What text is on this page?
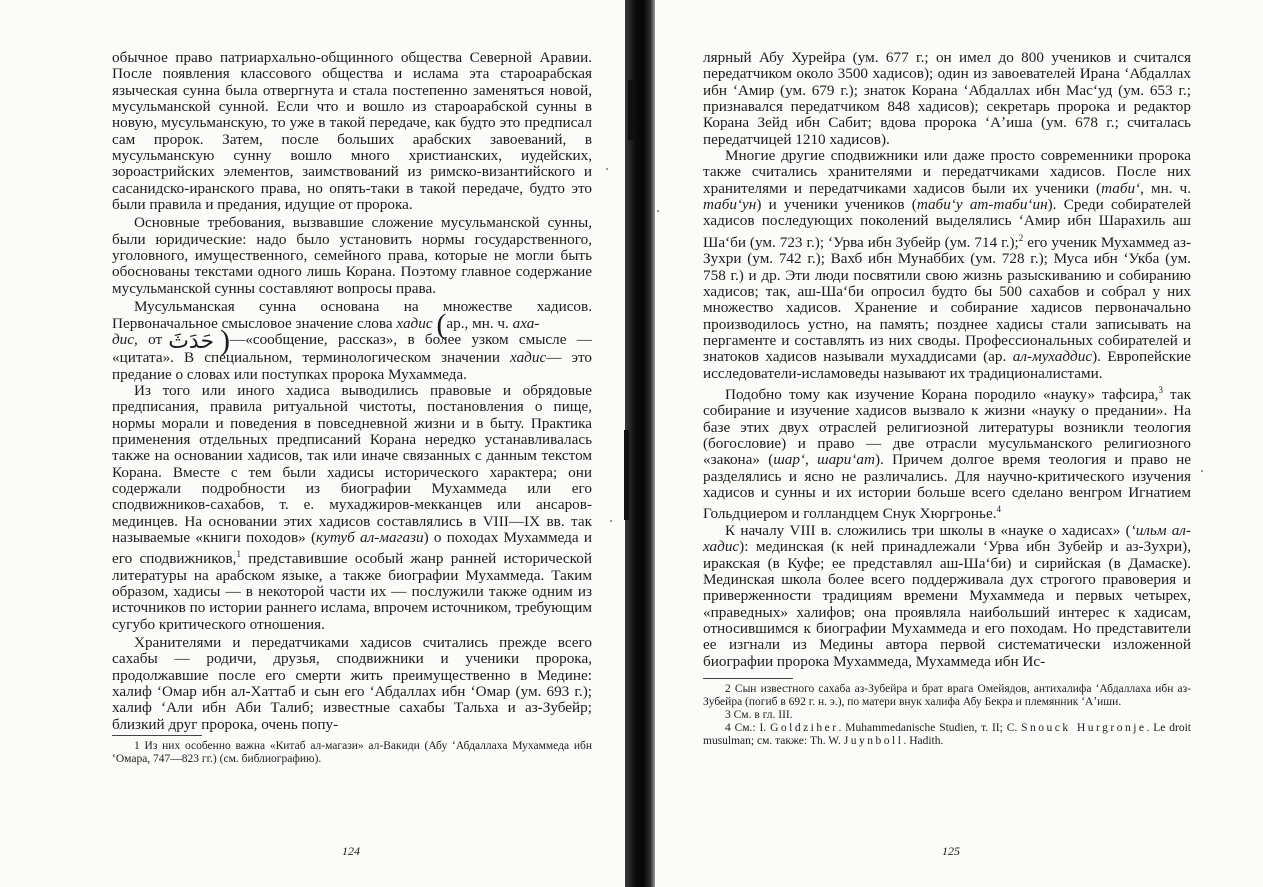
обычное право патриархально-общинного общества Северной Аравии. После появления классового общества и ислама эта староарабская языческая сунна была отвергнута и стала постепенно заменяться новой, мусульманской сунной. Если что и вошло из староарабской сунны в новую, мусульманскую, то уже в такой передаче, как будто это предписал сам пророк. Затем, после больших арабских завоеваний, в мусульманскую сунну вошло много христианских, иудейских, зороастрийских элементов, заимствований из римско-византийского и сасанидско-иранского права, но опять-таки в такой передаче, будто это были правила и предания, идущие от пророка.

Основные требования, вызвавшие сложение мусульманской сунны, были юридические: надо было установить нормы государственного, уголовного, имущественного, семейного права, которые не могли быть обоснованы текстами одного лишь Корана. Поэтому главное содержание мусульманской сунны составляют вопросы права.

Мусульманская сунна основана на множестве хадисов. Первоначальное смысловое значение слова хадис (ар., мн. ч. аха-

дис, от حَدَثَ )—«сообщение, рассказ», в более узком смысле — «цитата». В специальном, терминологическом значении хадис— это предание о словах или поступках пророка Мухаммеда.

Из того или иного хадиса выводились правовые и обрядовые предписания, правила ритуальной чистоты, постановления о пище, нормы морали и поведения в повседневной жизни и в быту. Практика применения отдельных предписаний Корана нередко устанавливалась также на основании хадисов, так или иначе связанных с данным текстом Корана. Вместе с тем были хадисы исторического характера; они содержали подробности из биографии Мухаммеда или его сподвижников-сахабов, т. е. мухаджиров-мекканцев или ансаров-мединцев. На основании этих хадисов составлялись в VIII—IX вв. так называемые «книги походов» (кутуб ал-магази) о походах Мухаммеда и его сподвижников,$^1$ представившие особый жанр ранней исторической литературы на арабском языке, а также биографии Мухаммеда. Таким образом, хадисы — в некоторой части их — послужили также одним из источников по истории раннего ислама, впрочем источником, требующим сугубо критического отношения.

Хранителями и передатчиками хадисов считались прежде всего сахабы — родичи, друзья, сподвижники и ученики пророка, продолжавшие после его смерти жить преимущественно в Медине: халиф ʻОмар ибн ал-Хаттаб и сын его ʻАбдаллах ибн ʻОмар (ум. 693 г.); халиф ʻАли ибн Аби Талиб; известные сахабы Тальха и аз-Зубейр; близкий друг пророка, очень попу-

1 Из них особенно важна «Китаб ал-магази» ал-Вакиди (Абу ʻАбдаллаха Мухаммеда ибн ʻОмара, 747—823 гг.) (см. библиографию).

124

лярный Абу Хурейра (ум. 677 г.; он имел до 800 учеников и считался передатчиком около 3500 хадисов); один из завоевателей Ирана ʻАбдаллах ибн ʻАмир (ум. 679 г.); знаток Корана ʻАбдаллах ибн Масʻуд (ум. 653 г.; признавался передатчиком 848 хадисов); секретарь пророка и редактор Корана Зейд ибн Сабит; вдова пророка ʻАʼиша (ум. 678 г.; считалась передатчицей 1210 хадисов).

Многие другие сподвижники или даже просто современники пророка также считались хранителями и передатчиками хадисов. После них хранителями и передатчиками хадисов были их ученики (табиʻ, мн. ч. табиʻун) и ученики учеников (табиʻу ат-табиʻин). Среди собирателей хадисов последующих поколений выделялись ʻАмир ибн Шарахиль аш Шаʻби (ум. 723 г.); ʻУрва ибн Зубейр (ум. 714 г.);$^2$ его ученик Мухаммед аз-Зухри (ум. 742 г.); Вахб ибн Мунаббих (ум. 728 г.); Муса ибн ʻУкба (ум. 758 г.) и др. Эти люди посвятили свою жизнь разыскиванию и собиранию хадисов; так, аш-Шаʻби опросил будто бы 500 сахабов и собрал у них множество хадисов. Хранение и собирание хадисов первоначально производилось устно, на память; позднее хадисы стали записывать на пергаменте и составлять из них своды. Профессиональных собирателей и знатоков хадисов называли мухаддисами (ар. ал-мухаддис). Европейские исследователи-исламоведы называют их традиционалистами.

Подобно тому как изучение Корана породило «науку» тафсира,$^3$ так собирание и изучение хадисов вызвало к жизни «науку о предании». На базе этих двух отраслей религиозной литературы возникли теология (богословие) и право — две отрасли мусульманского религиозного «закона» (шарʻ, шариʻат). Причем долгое время теология и право не разделялись и ясно не различались. Для научно-критического изучения хадисов и сунны и их истории больше всего сделано венгром Игнатием Гольдциером и голландцем Снук Хюргронье.$^4$

К началу VIII в. сложились три школы в «науке о хадисах» (ʻильм ал-хадис): мединская (к ней принадлежали ʻУрва ибн Зубейр и аз-Зухри), иракская (в Куфе; ее представлял аш-Шаʻби) и сирийская (в Дамаске). Мединская школа более всего поддерживала дух строгого правоверия и приверженности традициям времени Мухаммеда и первых четырех, «праведных» халифов; она проявляла наибольший интерес к хадисам, относившимся к биографии Мухаммеда и его походам. Но представители ее изгнали из Медины автора первой систематически изложенной биографии пророка Мухаммеда, Мухаммеда ибн Ис-

2 Сын известного сахаба аз-Зубейра и брат врага Омейядов, антихалифа ʻАбдаллаха ибн аз-Зубейра (погиб в 692 г. н. э.), по матери внук халифа Абу Бекра и племянник ʻАʼиши.

3 См. в гл. III.

4 См.: I. Goldziher. Muhammedanische Studien, т. II; C. Snouck Hurgronje. Le droit musulman; см. также: Th. W. Juynboll. Hadith.

125
